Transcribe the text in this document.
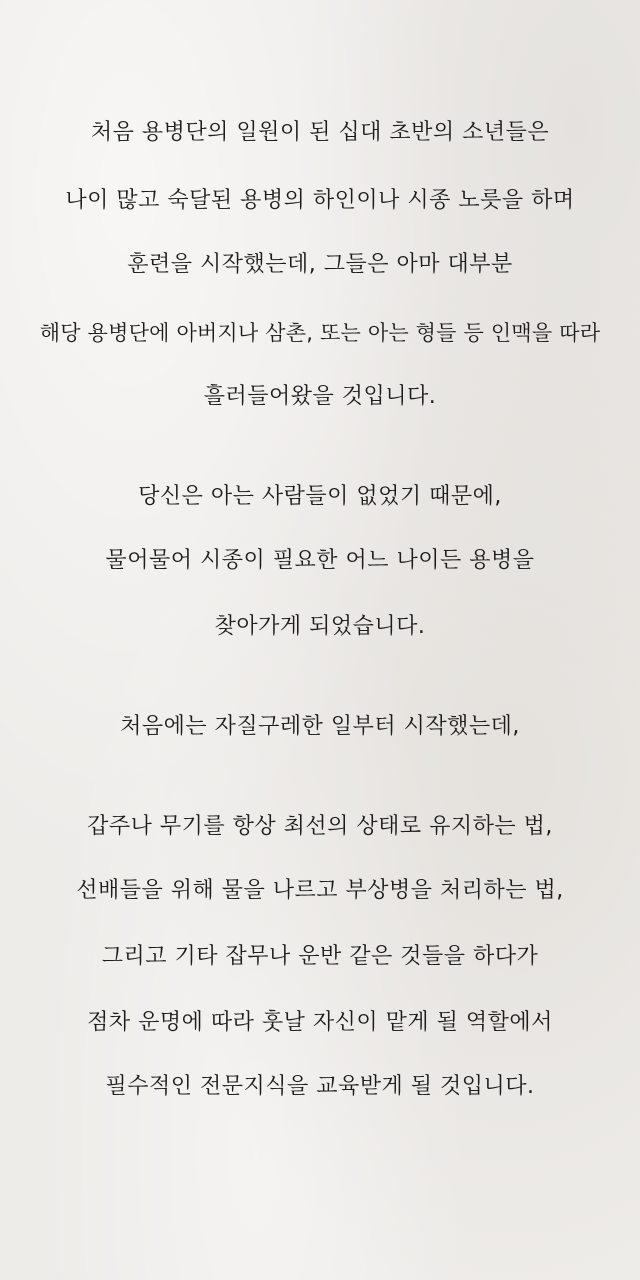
처음 용병단의 일원이 된 십대 초반의 소년들은
나이 많고 숙달된 용병의 하인이나 시종 노릇을 하며
훈련을 시작했는데, 그들은 아마 대부분
해당 용병단에 아버지나 삼촌, 또는 아는 형들 등 인맥을 따라
흘러들어왔을 것입니다.
당신은 아는 사람들이 없었기 때문에,
물어물어 시종이 필요한 어느 나이든 용병을
찾아가게 되었습니다.
처음에는 자질구레한 일부터 시작했는데,
갑주나 무기를 항상 최선의 상태로 유지하는 법,
선배들을 위해 물을 나르고 부상병을 처리하는 법,
그리고 기타 잡무나 운반 같은 것들을 하다가
점차 운명에 따라 훗날 자신이 맡게 될 역할에서
필수적인 전문지식을 교육받게 될 것입니다.
